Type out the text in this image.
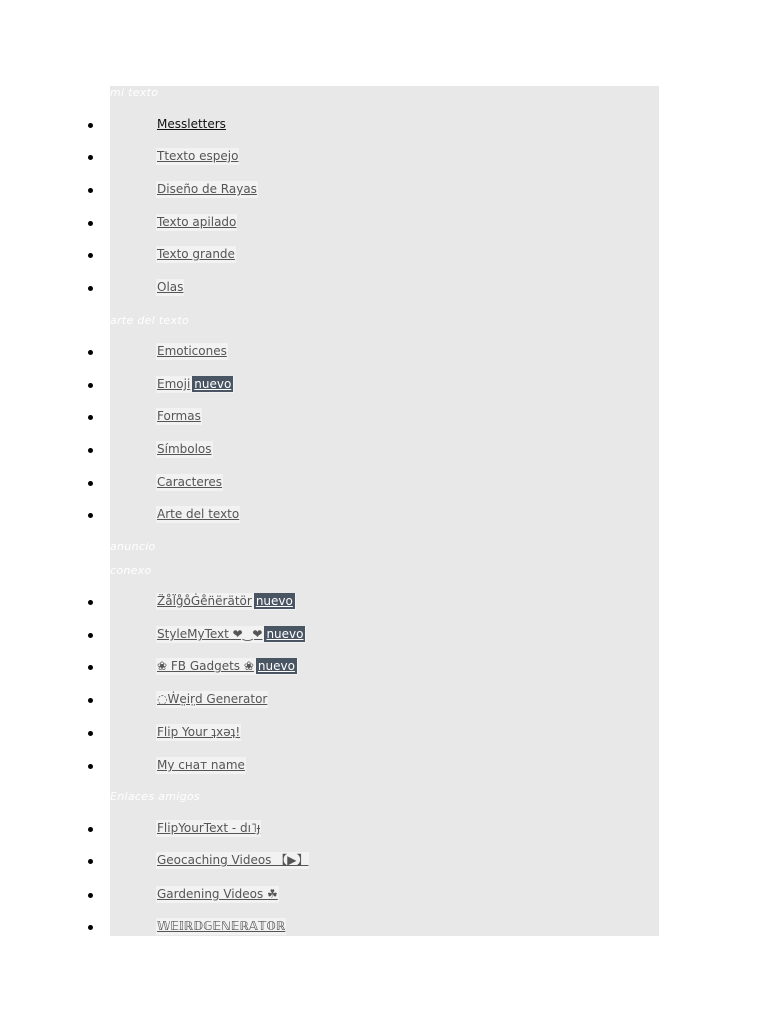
mi texto
Messletters
Ttexto espejo
Diseño de Rayas
Texto apilado
Texto grande
Olas
arte del texto
Emoticones
Emoji nuevo
Formas
Símbolos
Caracteres
Arte del texto
anuncio
conexo
Z̈ål̈g̊o̊Ġe̊n̈ërätör nuevo
StyleMyText ❤‿❤ nuevo
❀ FB Gadgets ❀ nuevo
◌Ẇe̤ir̤d Generator
Flip Your ʇxǝʇ!
My снат name
Enlaces amigos
FlipYourText - dı˥ɟ
Geocaching Videos 【▶】
Gardening Videos ☘
𝕎𝔼𝕀ℝ𝔻𝔾𝔼ℕ𝔼ℝ𝔸𝕋𝕆ℝ
